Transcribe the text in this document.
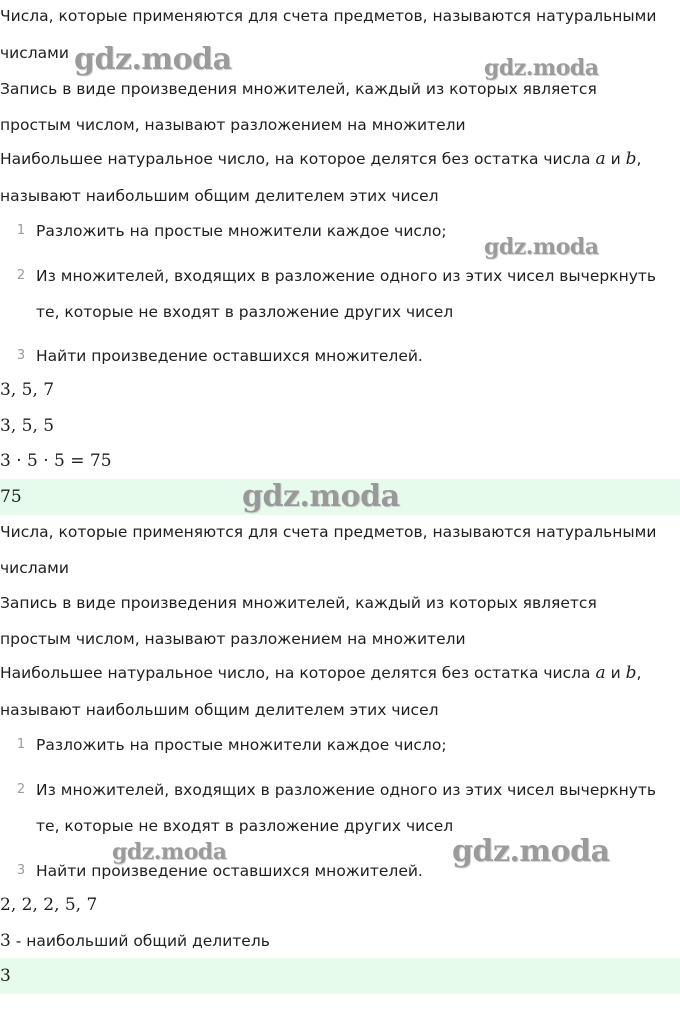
Числа, которые применяются для счета предметов, называются натуральными
числами
Запись в виде произведения множителей, каждый из которых является
простым числом, называют разложением на множители
Наибольшее натуральное число, на которое делятся без остатка числа a и b,
называют наибольшим общим делителем этих чисел
1 Разложить на простые множители каждое число;
2 Из множителей, входящих в разложение одного из этих чисел вычеркнуть
те, которые не входят в разложение других чисел
3 Найти произведение оставшихся множителей.
3, 5, 7
3, 5, 5
3 · 5 · 5 = 75
75
Числа, которые применяются для счета предметов, называются натуральными
числами
Запись в виде произведения множителей, каждый из которых является
простым числом, называют разложением на множители
Наибольшее натуральное число, на которое делятся без остатка числа a и b,
называют наибольшим общим делителем этих чисел
1 Разложить на простые множители каждое число;
2 Из множителей, входящих в разложение одного из этих чисел вычеркнуть
те, которые не входят в разложение других чисел
3 Найти произведение оставшихся множителей.
2, 2, 2, 5, 7
3 - наибольший общий делитель
3
gdz.moda	gdz.moda
gdz.moda
gdz.moda
gdz.moda	gdz.moda
